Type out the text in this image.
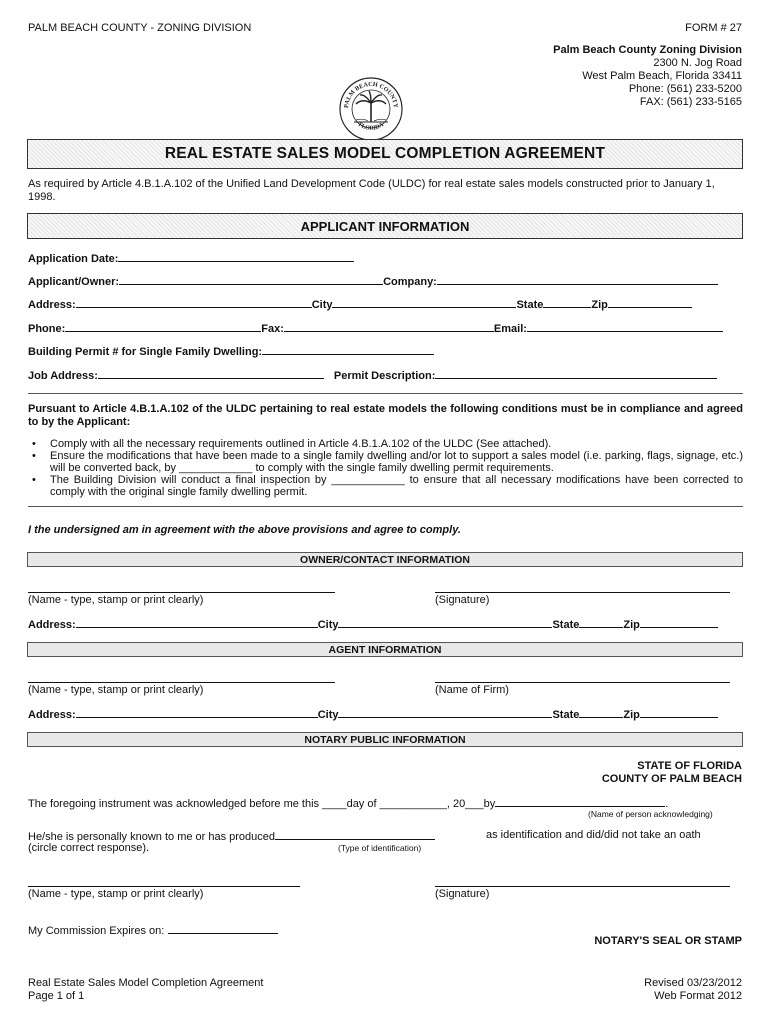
PALM BEACH COUNTY - ZONING DIVISION	FORM # 27
Palm Beach County Zoning Division
2300 N. Jog Road
West Palm Beach, Florida 33411
Phone: (561) 233-5200
FAX: (561) 233-5165
PALM BEACH COUNTY
FLORIDA
REAL ESTATE SALES MODEL COMPLETION AGREEMENT
As required by Article 4.B.1.A.102 of the Unified Land Development Code (ULDC) for real estate sales models constructed prior to January 1, 1998.
APPLICANT INFORMATION
Application Date:
Applicant/Owner:	Company:
Address:	City	State	Zip
Phone:	Fax:	Email:
Building Permit # for Single Family Dwelling:
Job Address:	Permit Description:
Pursuant to Article 4.B.1.A.102 of the ULDC pertaining to real estate models the following conditions must be in compliance and agreed to by the Applicant:
• Comply with all the necessary requirements outlined in Article 4.B.1.A.102 of the ULDC (See attached).
• Ensure the modifications that have been made to a single family dwelling and/or lot to support a sales model (i.e. parking, flags, signage, etc.) will be converted back, by ____________ to comply with the single family dwelling permit requirements.
• The Building Division will conduct a final inspection by ____________ to ensure that all necessary modifications have been corrected to comply with the original single family dwelling permit.
I the undersigned am in agreement with the above provisions and agree to comply.
OWNER/CONTACT INFORMATION
(Name - type, stamp or print clearly)	(Signature)
Address:	City	State	Zip
AGENT INFORMATION
(Name - type, stamp or print clearly)	(Name of Firm)
Address:	City	State	Zip
NOTARY PUBLIC INFORMATION
STATE OF FLORIDA
COUNTY OF PALM BEACH
The foregoing instrument was acknowledged before me this ____day of ___________, 20___by	.
(Name of person acknowledging)
He/she is personally known to me or has produced	as identification and did/did not take an oath
(circle correct response).	(Type of identification)
(Name - type, stamp or print clearly)	(Signature)
My Commission Expires on:
NOTARY'S SEAL OR STAMP
Real Estate Sales Model Completion Agreement
Page 1 of 1
Revised 03/23/2012
Web Format 2012
